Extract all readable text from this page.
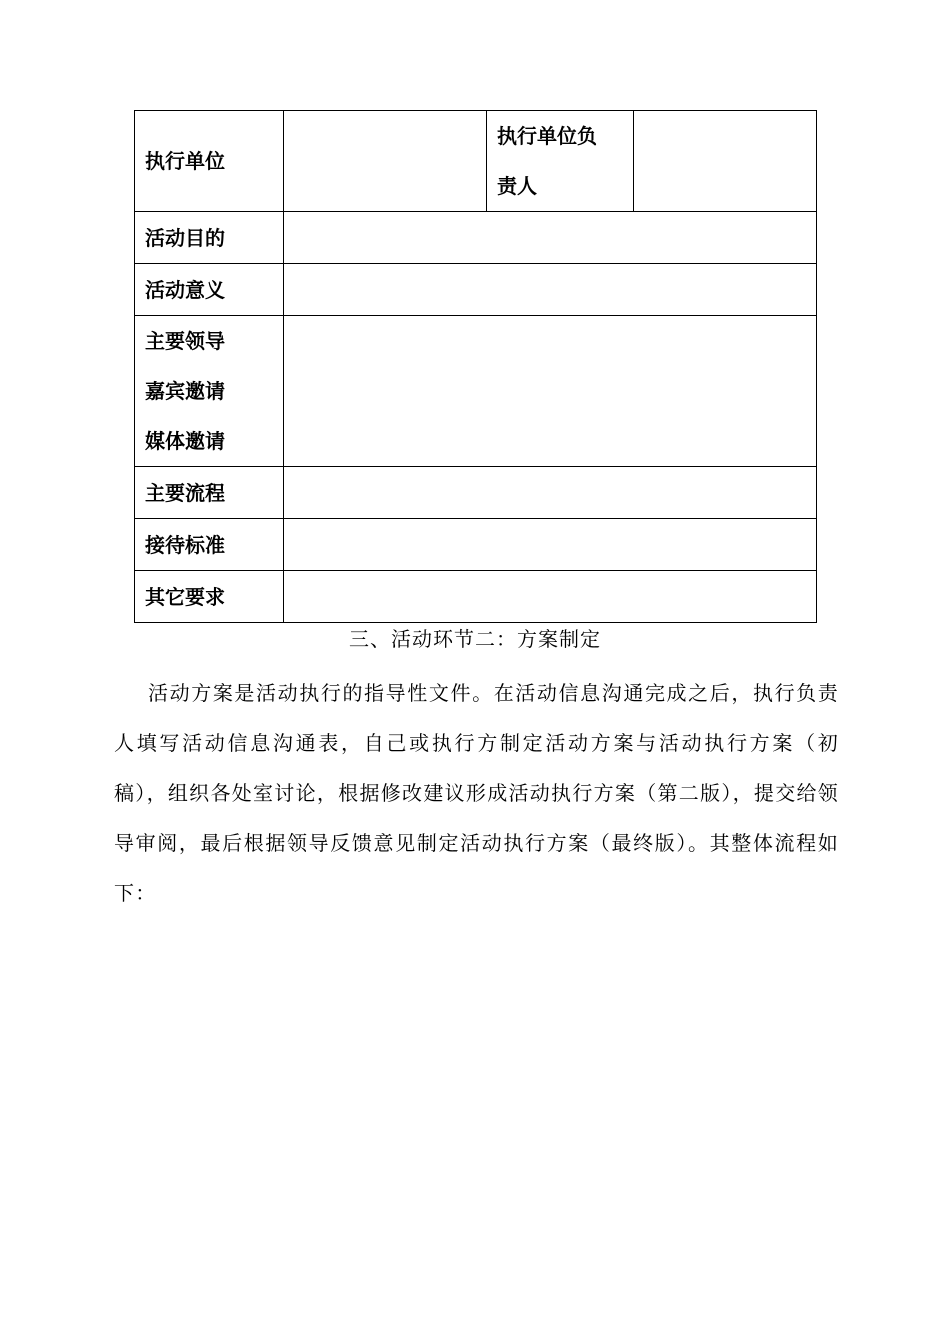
执行单位		执行单位负
责人	

活动目的			
活动意义			

主要领导
嘉宾邀请
媒体邀请			

主要流程			
接待标准			
其它要求			
三、活动环节二：方案制定

活动方案是活动执行的指导性文件。在活动信息沟通完成之后，执行负责人填写活动信息沟通表，自己或执行方制定活动方案与活动执行方案（初稿），组织各处室讨论，根据修改建议形成活动执行方案（第二版），提交给领导审阅，最后根据领导反馈意见制定活动执行方案（最终版）。其整体流程如下：
